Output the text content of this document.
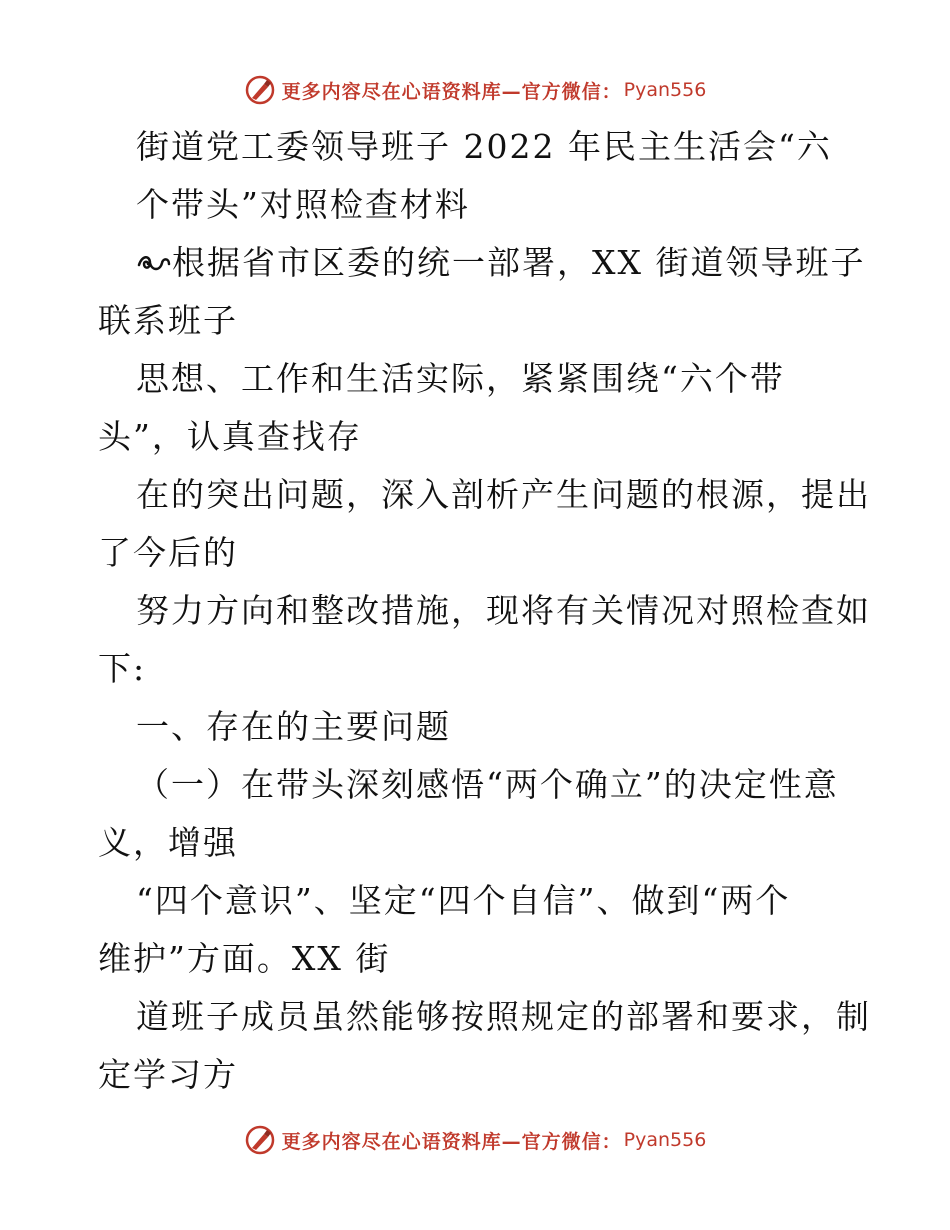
更多内容尽在心语资料库—官方微信： Pyan556
街道党工委领导班子 2022 年民主生活会“六
个带头”对照检查材料
根据省市区委的统一部署，XX 街道领导班子
联系班子
思想、工作和生活实际，紧紧围绕“六个带
头”，认真查找存
在的突出问题，深入剖析产生问题的根源，提出
了今后的
努力方向和整改措施，现将有关情况对照检查如
下:
一、存在的主要问题
（一）在带头深刻感悟“两个确立”的决定性意
义，增强
“四个意识”、坚定“四个自信”、做到“两个
维护”方面。XX 街
道班子成员虽然能够按照规定的部署和要求，制
定学习方
更多内容尽在心语资料库—官方微信： Pyan556
